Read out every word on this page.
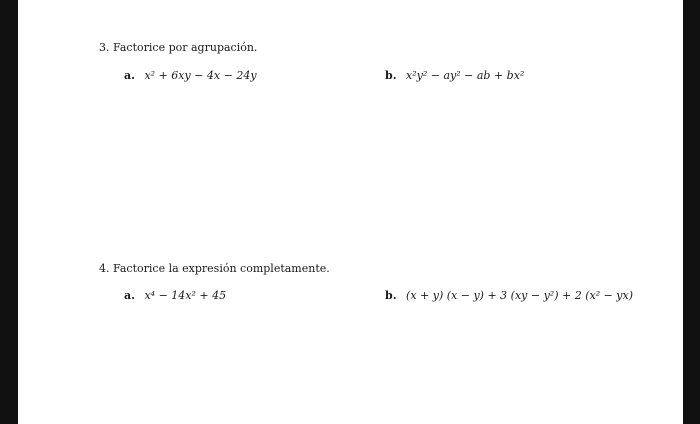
3. Factorice por agrupación.
a. x² + 6xy − 4x − 24y	b. x²y² − ay² − ab + bx²
4. Factorice la expresión completamente.
a. x⁴ − 14x² + 45	b. (x + y) (x − y) + 3 (xy − y²) + 2 (x² − yx)
